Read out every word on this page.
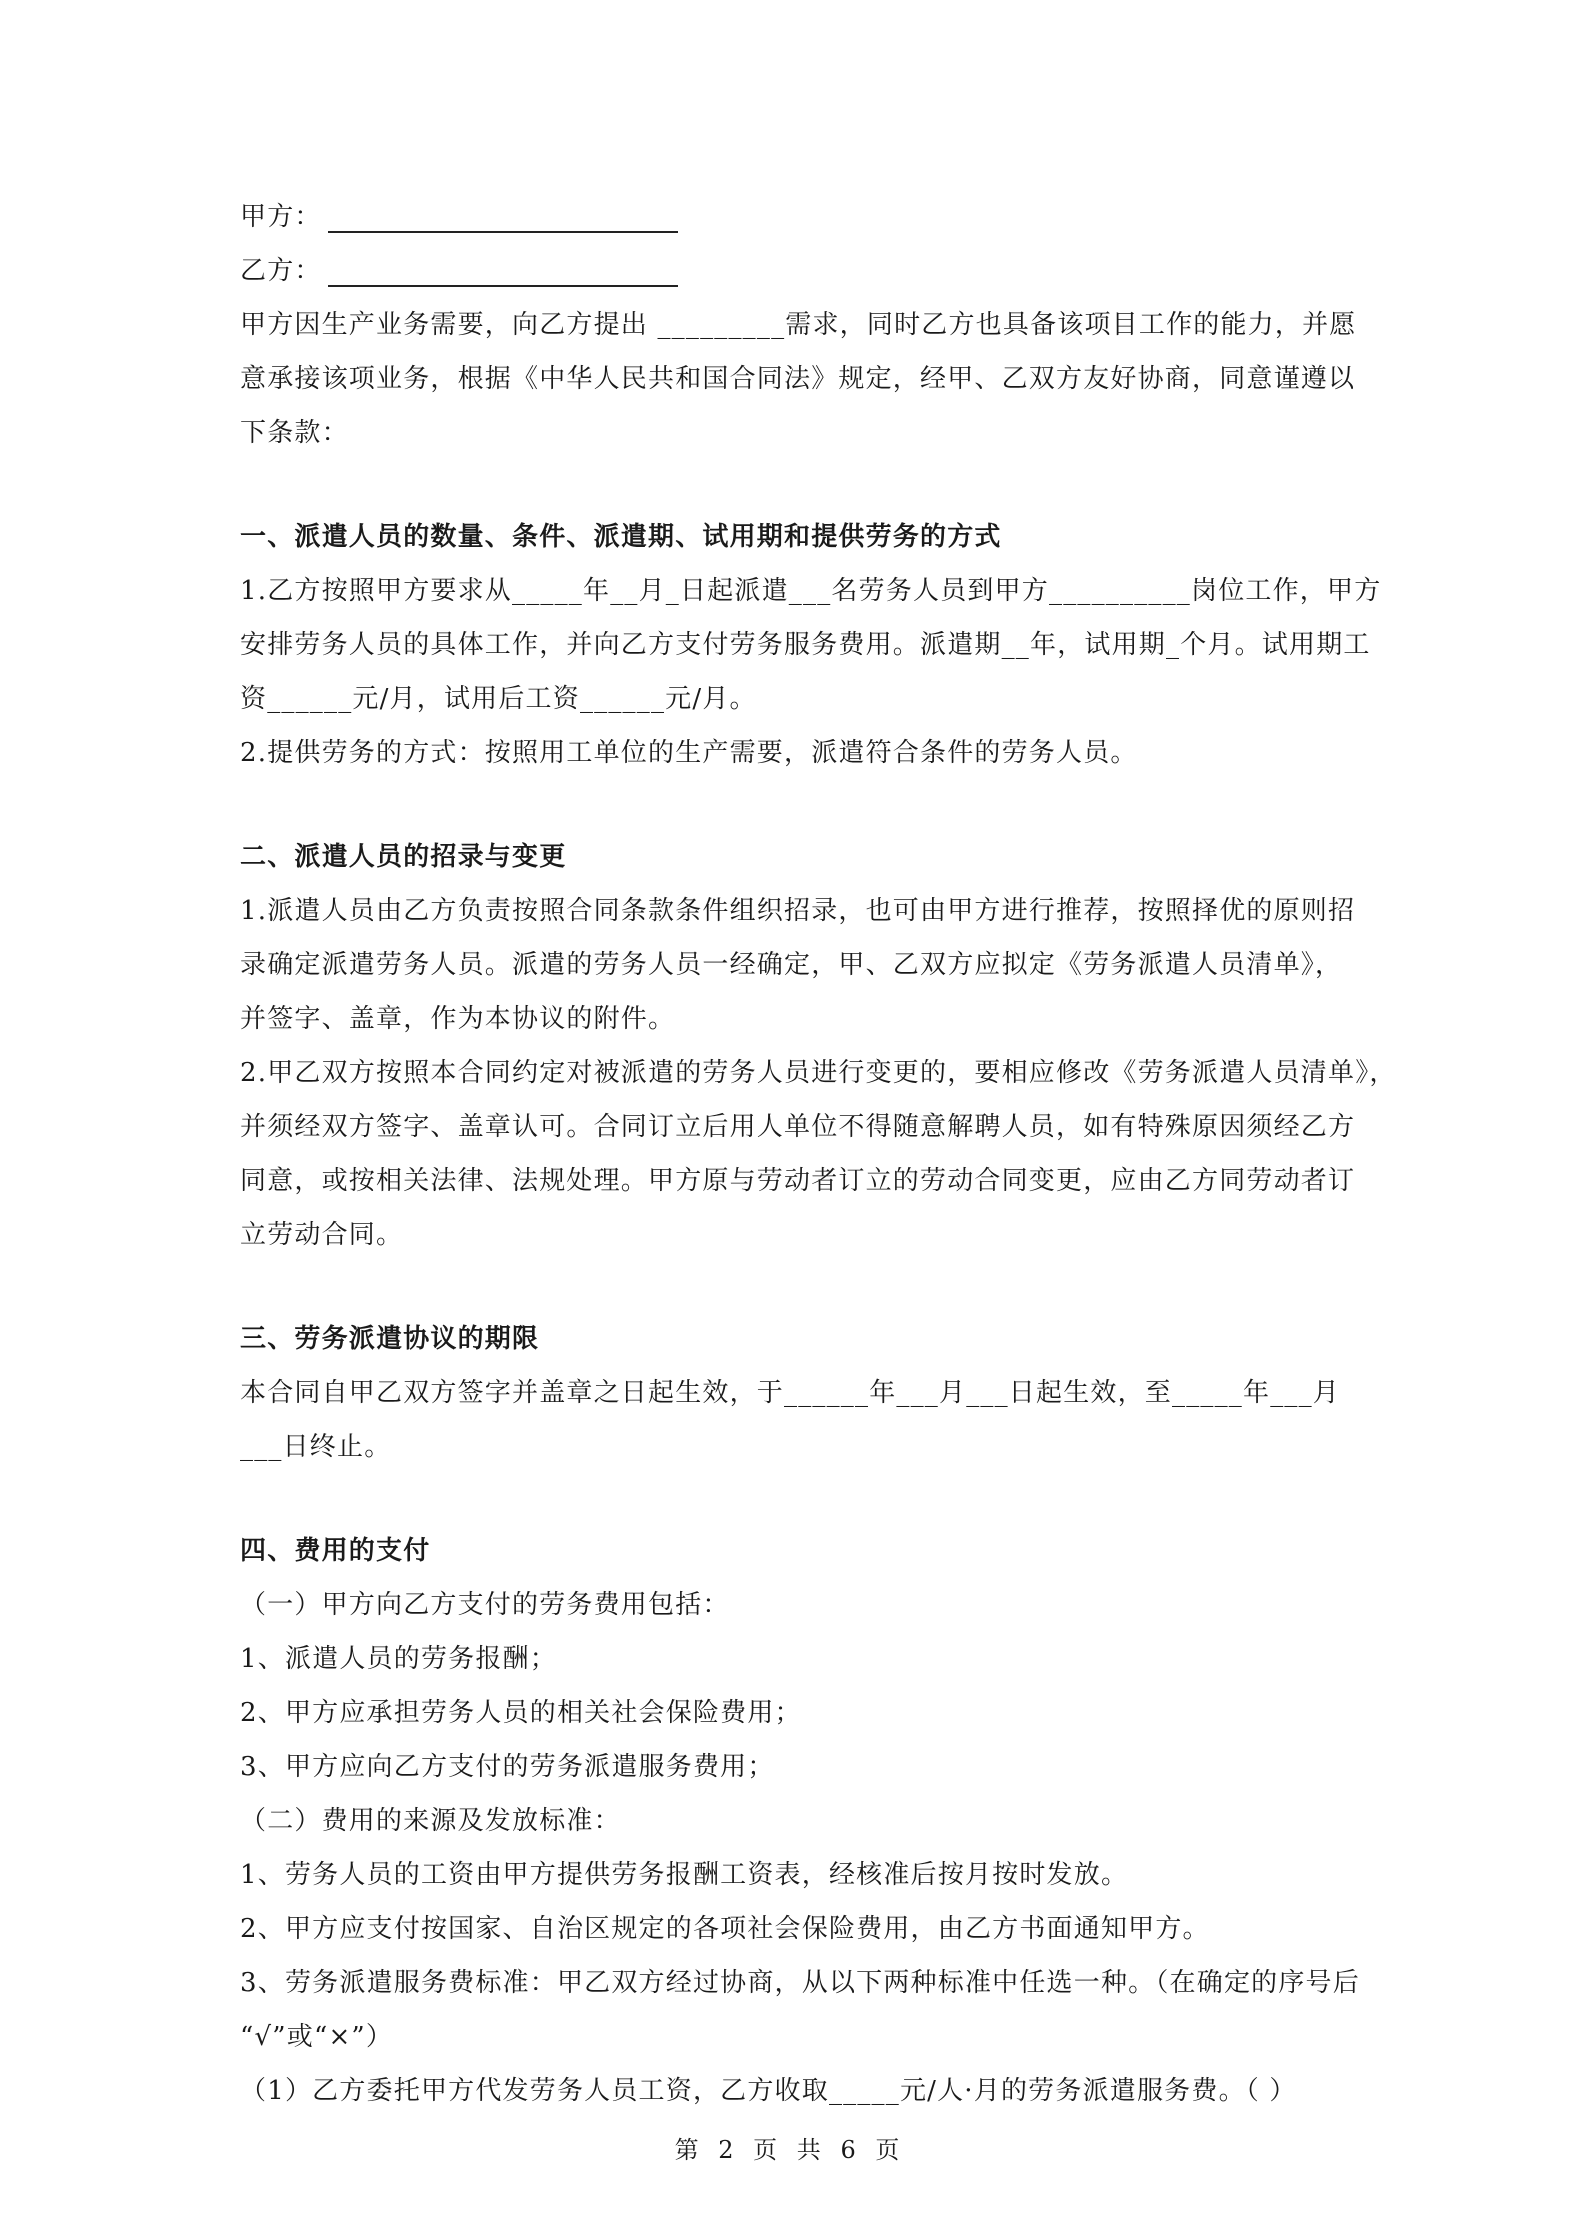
甲方：
乙方：
甲方因生产业务需要，向乙方提出 _________需求，同时乙方也具备该项目工作的能力，并愿
意承接该项业务，根据《中华人民共和国合同法》规定，经甲、乙双方友好协商，同意谨遵以
下条款：
一、派遣人员的数量、条件、派遣期、试用期和提供劳务的方式
1.乙方按照甲方要求从_____年__月_日起派遣___名劳务人员到甲方__________岗位工作，甲方
安排劳务人员的具体工作，并向乙方支付劳务服务费用。派遣期__年，试用期_个月。试用期工
资______元/月，试用后工资______元/月。
2.提供劳务的方式：按照用工单位的生产需要，派遣符合条件的劳务人员。
二、派遣人员的招录与变更
1.派遣人员由乙方负责按照合同条款条件组织招录，也可由甲方进行推荐，按照择优的原则招
录确定派遣劳务人员。派遣的劳务人员一经确定，甲、乙双方应拟定《劳务派遣人员清单》，
并签字、盖章，作为本协议的附件。
2.甲乙双方按照本合同约定对被派遣的劳务人员进行变更的，要相应修改《劳务派遣人员清单》，
并须经双方签字、盖章认可。合同订立后用人单位不得随意解聘人员，如有特殊原因须经乙方
同意，或按相关法律、法规处理。甲方原与劳动者订立的劳动合同变更，应由乙方同劳动者订
立劳动合同。
三、劳务派遣协议的期限
本合同自甲乙双方签字并盖章之日起生效，于______年___月___日起生效，至_____年___月
___日终止。
四、费用的支付
（一）甲方向乙方支付的劳务费用包括：
1、派遣人员的劳务报酬；
2、甲方应承担劳务人员的相关社会保险费用；
3、甲方应向乙方支付的劳务派遣服务费用；
（二）费用的来源及发放标准：
1、劳务人员的工资由甲方提供劳务报酬工资表，经核准后按月按时发放。
2、甲方应支付按国家、自治区规定的各项社会保险费用，由乙方书面通知甲方。
3、劳务派遣服务费标准：甲乙双方经过协商，从以下两种标准中任选一种。（在确定的序号后
“√”或“×”）
（1）乙方委托甲方代发劳务人员工资，乙方收取_____元/人·月的劳务派遣服务费。（ ）
第 2 页 共 6 页
